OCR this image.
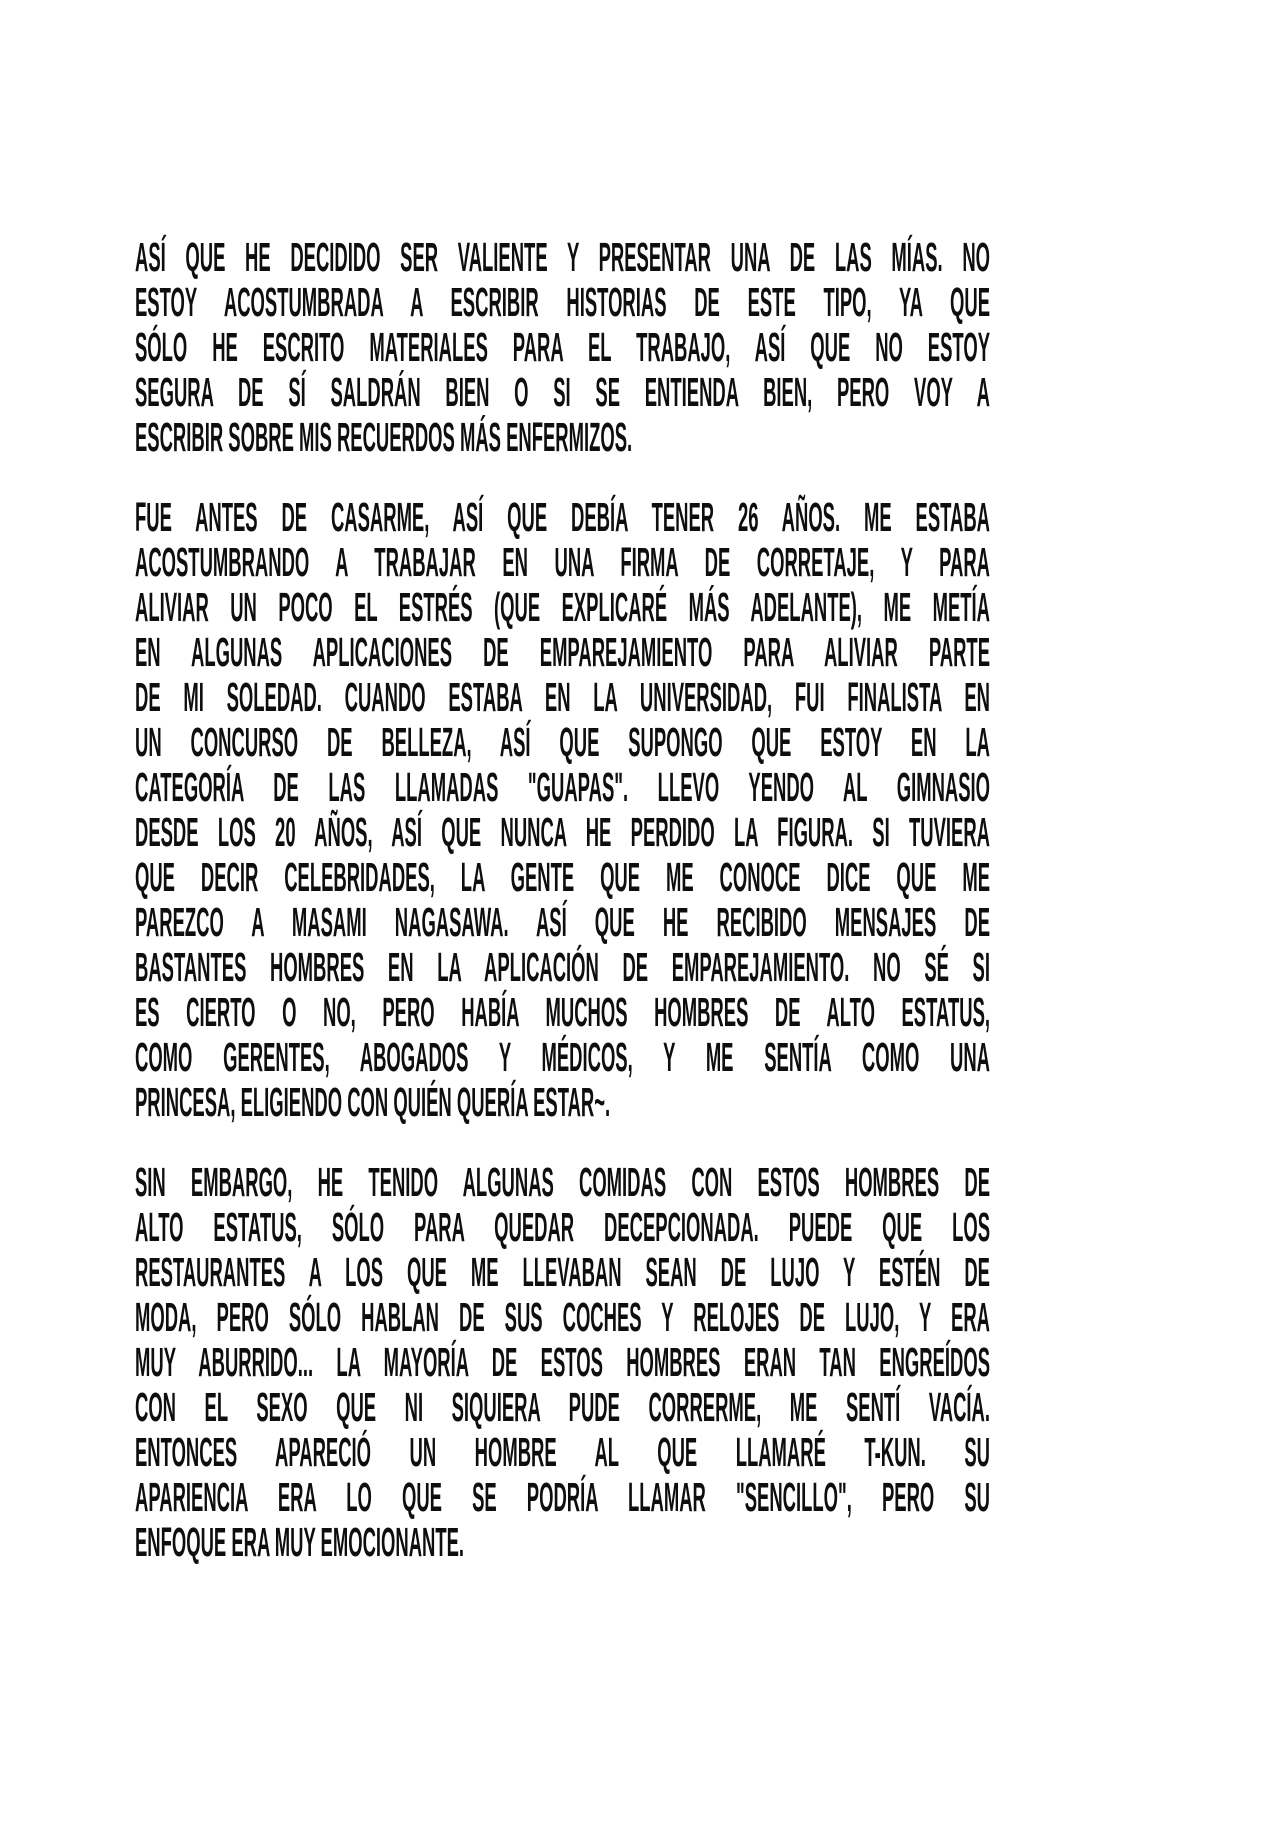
ASÍ QUE HE DECIDIDO SER VALIENTE Y PRESENTAR UNA DE LAS MÍAS. NO
ESTOY ACOSTUMBRADA A ESCRIBIR HISTORIAS DE ESTE TIPO, YA QUE
SÓLO HE ESCRITO MATERIALES PARA EL TRABAJO, ASÍ QUE NO ESTOY
SEGURA DE SÍ SALDRÁN BIEN O SI SE ENTIENDA BIEN, PERO VOY A
ESCRIBIR SOBRE MIS RECUERDOS MÁS ENFERMIZOS.
FUE ANTES DE CASARME, ASÍ QUE DEBÍA TENER 26 AÑOS. ME ESTABA
ACOSTUMBRANDO A TRABAJAR EN UNA FIRMA DE CORRETAJE, Y PARA
ALIVIAR UN POCO EL ESTRÉS (QUE EXPLICARÉ MÁS ADELANTE), ME METÍA
EN ALGUNAS APLICACIONES DE EMPAREJAMIENTO PARA ALIVIAR PARTE
DE MI SOLEDAD. CUANDO ESTABA EN LA UNIVERSIDAD, FUI FINALISTA EN
UN CONCURSO DE BELLEZA, ASÍ QUE SUPONGO QUE ESTOY EN LA
CATEGORÍA DE LAS LLAMADAS "GUAPAS". LLEVO YENDO AL GIMNASIO
DESDE LOS 20 AÑOS, ASÍ QUE NUNCA HE PERDIDO LA FIGURA. SI TUVIERA
QUE DECIR CELEBRIDADES, LA GENTE QUE ME CONOCE DICE QUE ME
PAREZCO A MASAMI NAGASAWA. ASÍ QUE HE RECIBIDO MENSAJES DE
BASTANTES HOMBRES EN LA APLICACIÓN DE EMPAREJAMIENTO. NO SÉ SI
ES CIERTO O NO, PERO HABÍA MUCHOS HOMBRES DE ALTO ESTATUS,
COMO GERENTES, ABOGADOS Y MÉDICOS, Y ME SENTÍA COMO UNA
PRINCESA, ELIGIENDO CON QUIÉN QUERÍA ESTAR~.
SIN EMBARGO, HE TENIDO ALGUNAS COMIDAS CON ESTOS HOMBRES DE
ALTO ESTATUS, SÓLO PARA QUEDAR DECEPCIONADA. PUEDE QUE LOS
RESTAURANTES A LOS QUE ME LLEVABAN SEAN DE LUJO Y ESTÉN DE
MODA, PERO SÓLO HABLAN DE SUS COCHES Y RELOJES DE LUJO, Y ERA
MUY ABURRIDO... LA MAYORÍA DE ESTOS HOMBRES ERAN TAN ENGREÍDOS
CON EL SEXO QUE NI SIQUIERA PUDE CORRERME, ME SENTÍ VACÍA.
ENTONCES APARECIÓ UN HOMBRE AL QUE LLAMARÉ T-KUN. SU
APARIENCIA ERA LO QUE SE PODRÍA LLAMAR "SENCILLO", PERO SU
ENFOQUE ERA MUY EMOCIONANTE.
